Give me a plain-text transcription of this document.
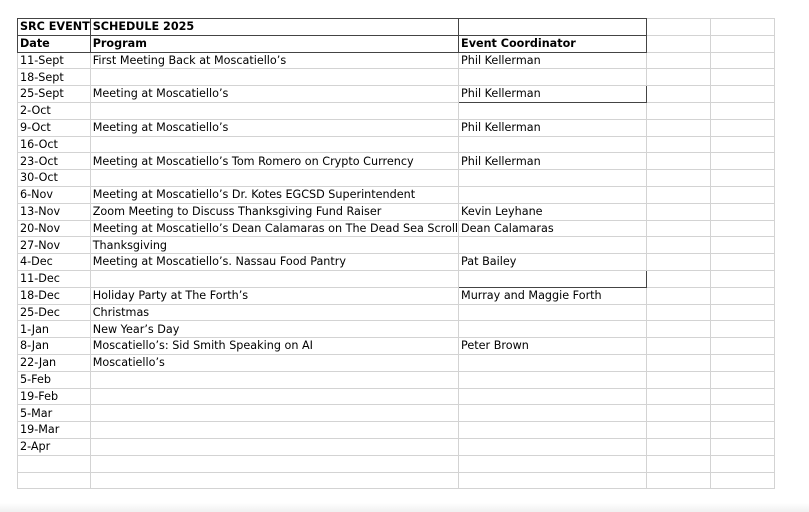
SRC EVENT	SCHEDULE 2025			
Date	Program	Event Coordinator		
11-Sept	First Meeting Back at Moscatiello’s	Phil Kellerman		
18-Sept				
25-Sept	Meeting at Moscatiello’s	Phil Kellerman		
2-Oct				
9-Oct	Meeting at Moscatiello’s	Phil Kellerman		
16-Oct				
23-Oct	Meeting at Moscatiello’s Tom Romero on Crypto Currency	Phil Kellerman		
30-Oct				
6-Nov	Meeting at Moscatiello’s Dr. Kotes EGCSD Superintendent			
13-Nov	Zoom Meeting to Discuss Thanksgiving Fund Raiser	Kevin Leyhane		
20-Nov	Meeting at Moscatiello’s Dean Calamaras on The Dead Sea Scroll	Dean Calamaras		
27-Nov	Thanksgiving			
4-Dec	Meeting at Moscatiello’s. Nassau Food Pantry	Pat Bailey		
11-Dec				
18-Dec	Holiday Party at The Forth’s	Murray and Maggie Forth		
25-Dec	Christmas			
1-Jan	New Year’s Day			
8-Jan	Moscatiello’s: Sid Smith Speaking on AI	Peter Brown		
22-Jan	Moscatiello’s			
5-Feb				
19-Feb				
5-Mar				
19-Mar				
2-Apr				
